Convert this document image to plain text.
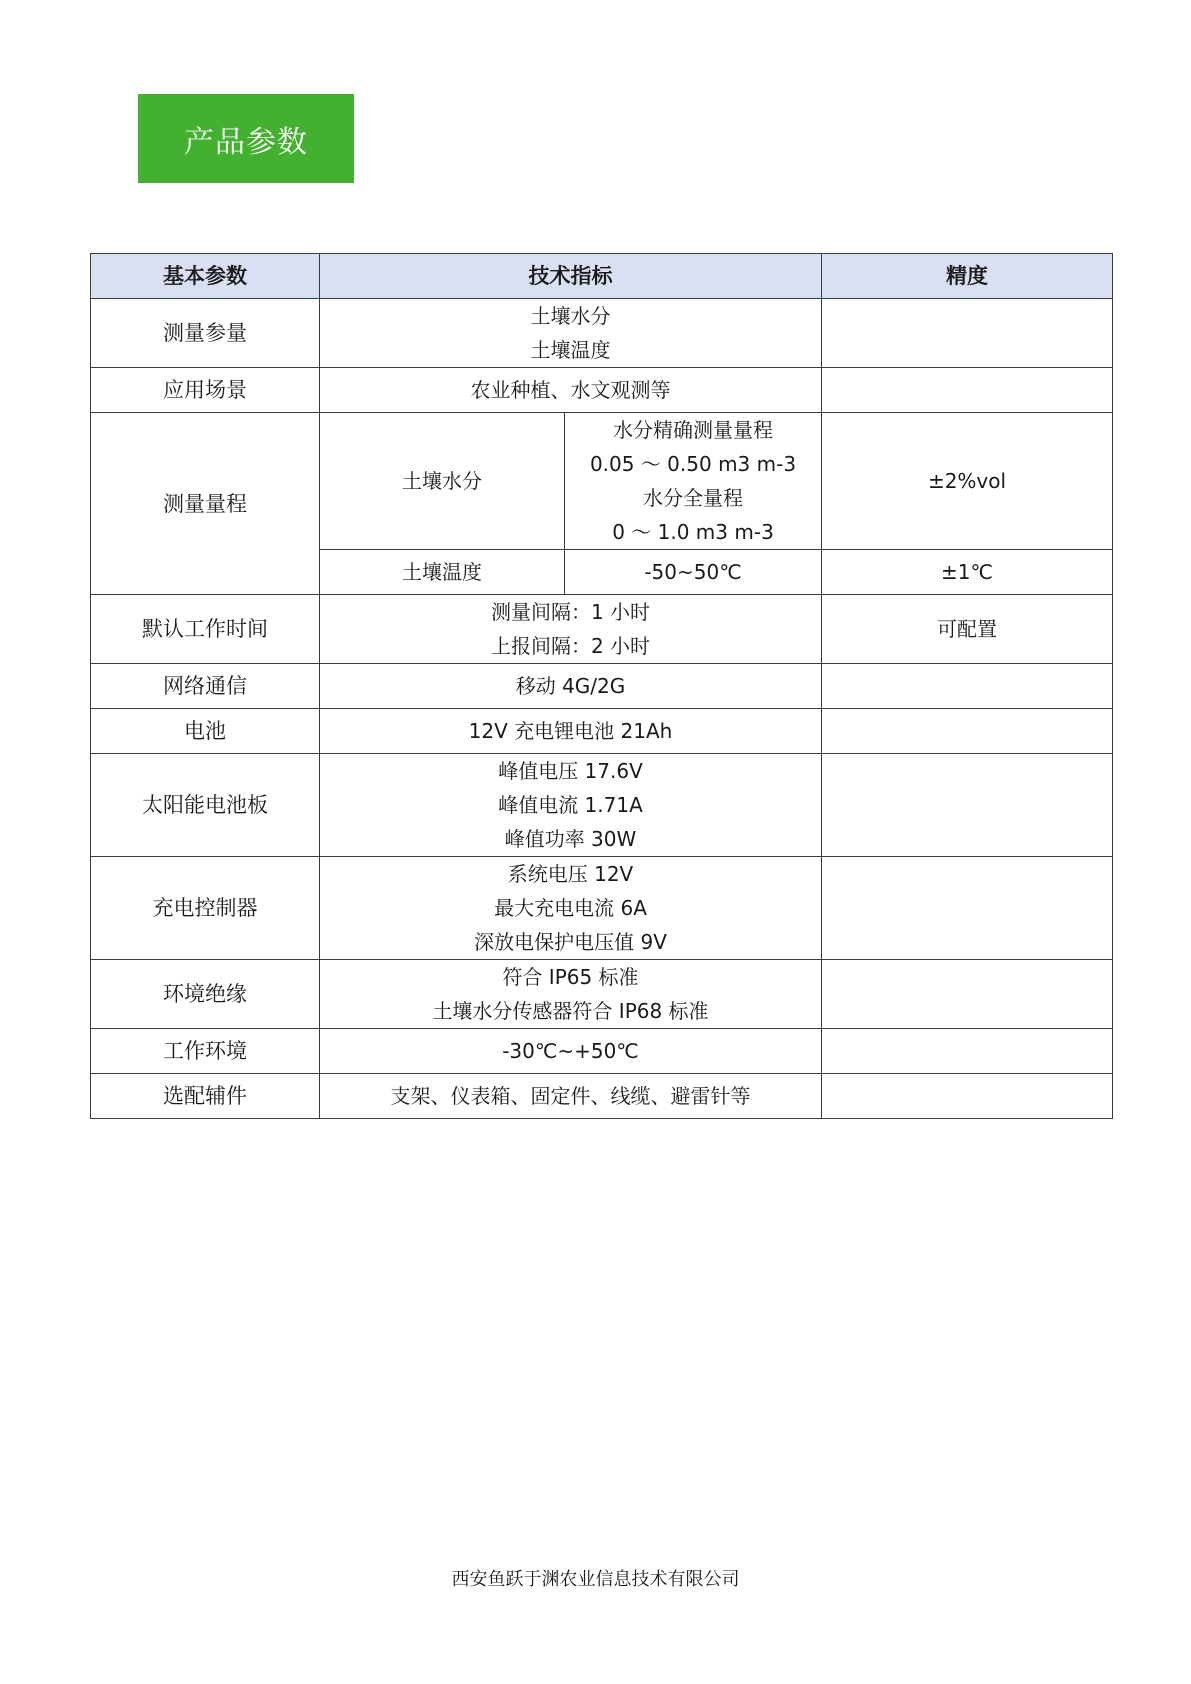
产品参数
基本参数	技术指标		精度
测量参量	土壤水分
土壤温度		

应用场景	农业种植、水文观测等		
测量量程	土壤水分	水分精确测量量程
0.05 ～ 0.50 m3 m-3
水分全量程
0 ～ 1.0 m3 m-3	±2%vol
	土壤温度	-50~50℃	±1℃
默认工作时间	测量间隔：1 小时
上报间隔：2 小时		可配置
网络通信	移动 4G/2G		
电池	12V 充电锂电池 21Ah		
太阳能电池板	峰值电压 17.6V
峰值电流 1.71A
峰值功率 30W		

充电控制器	系统电压 12V
最大充电电流 6A
深放电保护电压值 9V		

环境绝缘	符合 IP65 标准
土壤水分传感器符合 IP68 标准		

工作环境	-30℃~+50℃		
选配辅件	支架、仪表箱、固定件、线缆、避雷针等		
西安鱼跃于渊农业信息技术有限公司
